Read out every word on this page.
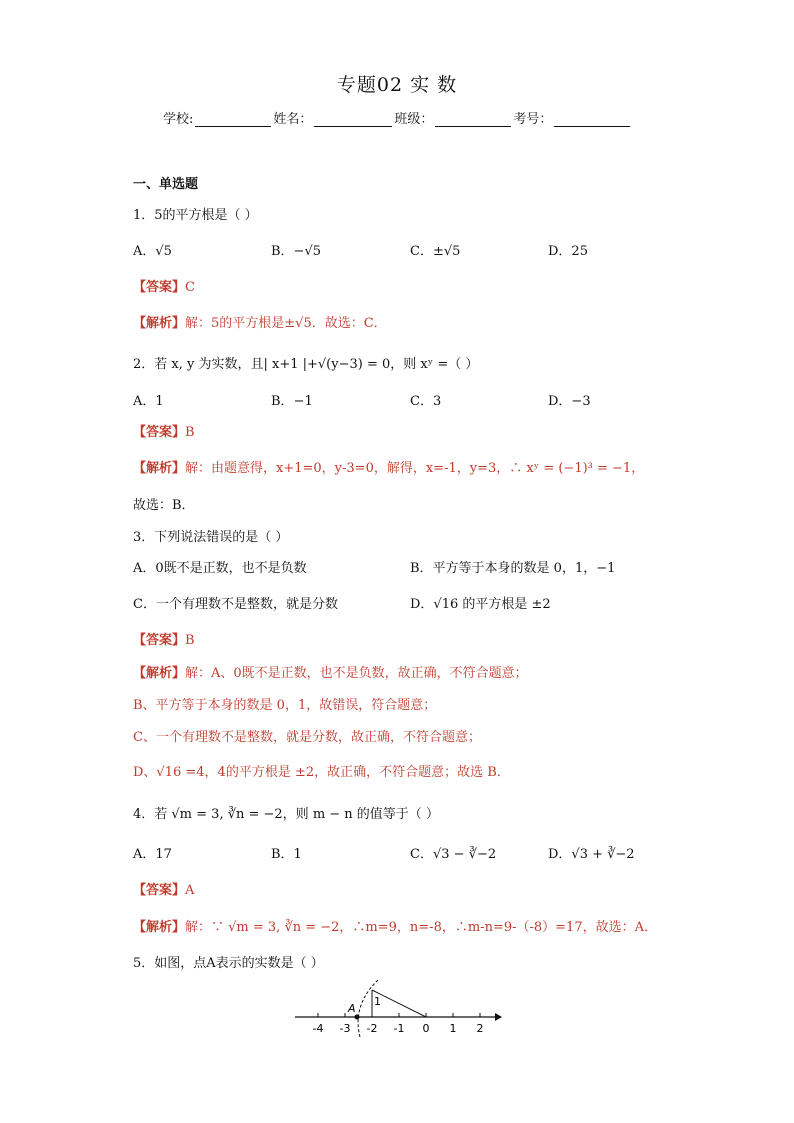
专题02 实 数
学校:	姓名：	班级：	考号：
一、单选题
1．5的平方根是（ ）
A．√5	B．−√5	C．±√5	D．25
【答案】C
【解析】解：5的平方根是±√5．故选：C．
2．若 x, y 为实数，且| x+1 |+√(y−3) = 0，则 xʸ =（ ）
A．1	B．−1	C．3	D．−3
【答案】B
【解析】解：由题意得，x+1=0，y-3=0，解得，x=-1，y=3，∴ xʸ = (−1)³ = −1，
故选：B．
3．下列说法错误的是（ ）
A．0既不是正数，也不是负数	B．平方等于本身的数是 0，1，−1
C．一个有理数不是整数，就是分数	D．√16 的平方根是 ±2
【答案】B
【解析】解：A、0既不是正数，也不是负数，故正确，不符合题意；
B、平方等于本身的数是 0，1，故错误，符合题意；
C、一个有理数不是整数，就是分数，故正确，不符合题意；
D、√16 =4，4的平方根是 ±2，故正确，不符合题意；故选 B．
4．若 √m = 3, ∛n = −2，则 m − n 的值等于（ ）
A．17	B．1	C．√3 − ∛−2	D．√3 + ∛−2
【答案】A
【解析】解：∵ √m = 3, ∛n = −2，∴m=9，n=-8，∴m-n=9-（-8）=17，故选：A．
5．如图，点A表示的实数是（ ）
-4 -3 -2 -1 0 1 2
1
A
